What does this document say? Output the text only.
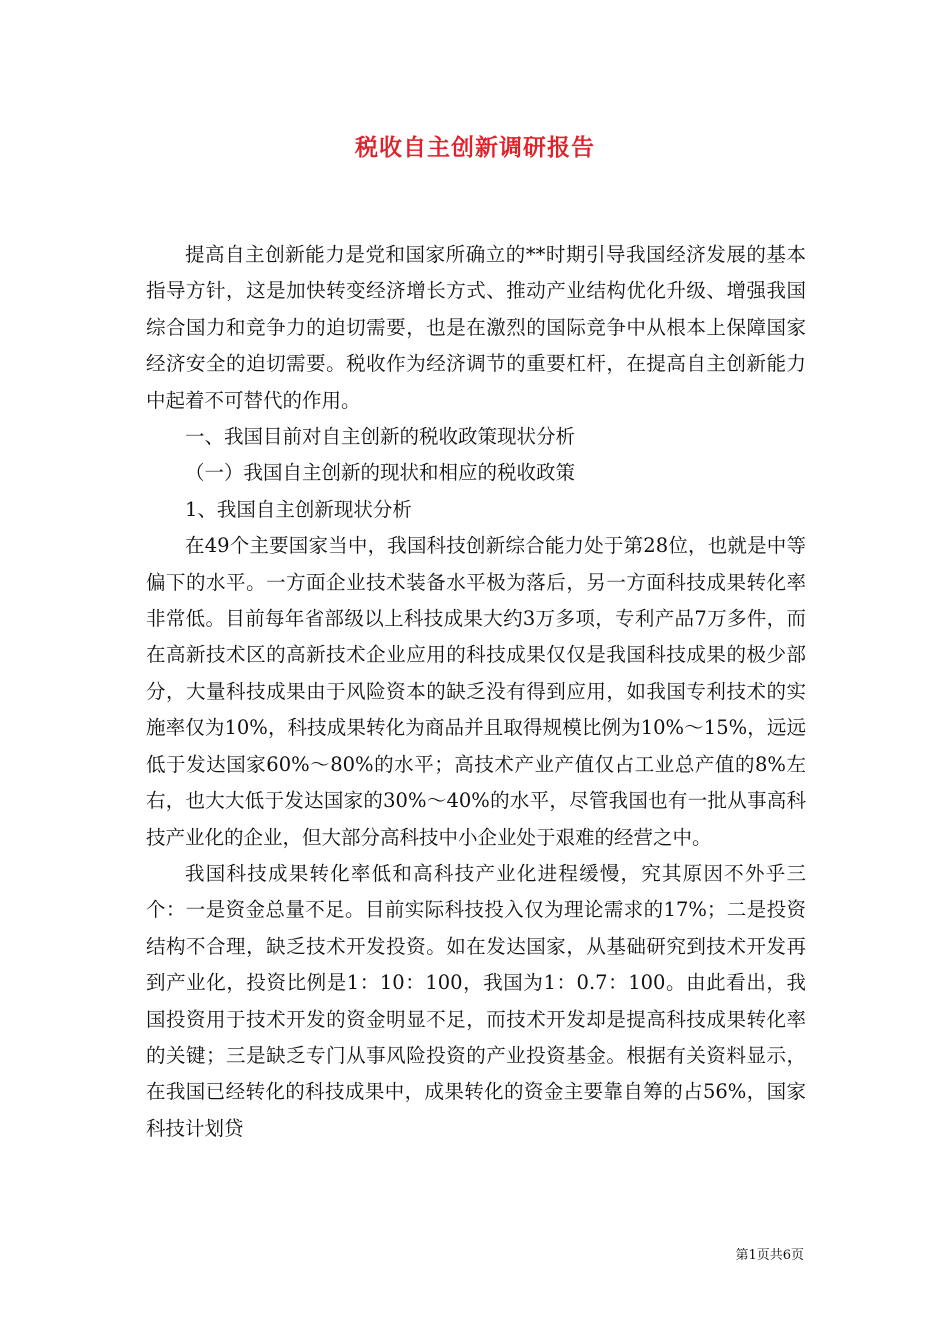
税收自主创新调研报告

提高自主创新能力是党和国家所确立的**时期引导我国经济发展的基本指导方针，这是加快转变经济增长方式、推动产业结构优化升级、增强我国综合国力和竞争力的迫切需要，也是在激烈的国际竞争中从根本上保障国家经济安全的迫切需要。税收作为经济调节的重要杠杆，在提高自主创新能力中起着不可替代的作用。

一、我国目前对自主创新的税收政策现状分析

（一）我国自主创新的现状和相应的税收政策

1、我国自主创新现状分析

在49个主要国家当中，我国科技创新综合能力处于第28位，也就是中等偏下的水平。一方面企业技术装备水平极为落后，另一方面科技成果转化率非常低。目前每年省部级以上科技成果大约3万多项，专利产品7万多件，而在高新技术区的高新技术企业应用的科技成果仅仅是我国科技成果的极少部分，大量科技成果由于风险资本的缺乏没有得到应用，如我国专利技术的实施率仅为10%，科技成果转化为商品并且取得规模比例为10%～15%，远远低于发达国家60%～80%的水平；高技术产业产值仅占工业总产值的8%左右，也大大低于发达国家的30%～40%的水平，尽管我国也有一批从事高科技产业化的企业，但大部分高科技中小企业处于艰难的经营之中。

我国科技成果转化率低和高科技产业化进程缓慢，究其原因不外乎三个：一是资金总量不足。目前实际科技投入仅为理论需求的17%；二是投资结构不合理，缺乏技术开发投资。如在发达国家，从基础研究到技术开发再到产业化，投资比例是1：10：100，我国为1：0.7：100。由此看出，我国投资用于技术开发的资金明显不足，而技术开发却是提高科技成果转化率的关键；三是缺乏专门从事风险投资的产业投资基金。根据有关资料显示，在我国已经转化的科技成果中，成果转化的资金主要靠自筹的占56%，国家科技计划贷

第1页共6页
